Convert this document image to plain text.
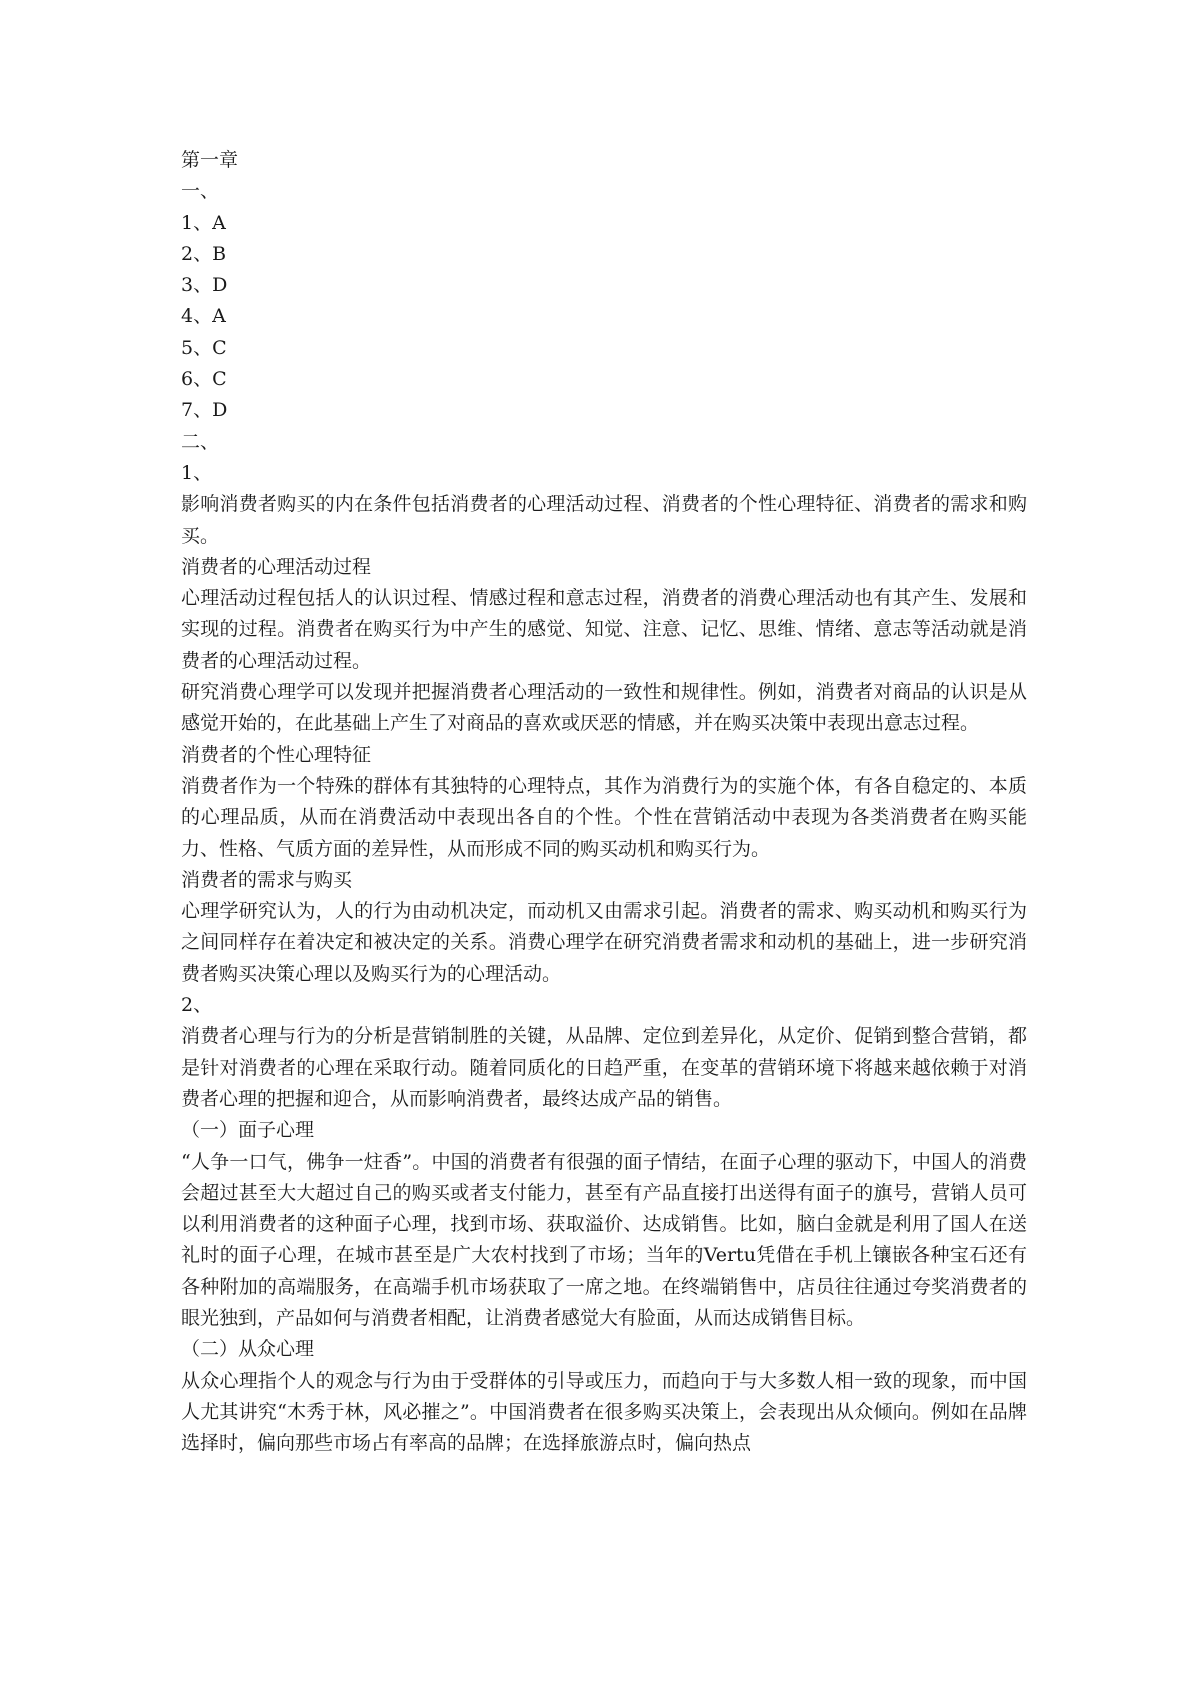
第一章
一、
1、A
2、B
3、D
4、A
5、C
6、C
7、D
二、
1、
影响消费者购买的内在条件包括消费者的心理活动过程、消费者的个性心理特征、消费者的需求和购买。
消费者的心理活动过程
心理活动过程包括人的认识过程、情感过程和意志过程，消费者的消费心理活动也有其产生、发展和实现的过程。消费者在购买行为中产生的感觉、知觉、注意、记忆、思维、情绪、意志等活动就是消费者的心理活动过程。
研究消费心理学可以发现并把握消费者心理活动的一致性和规律性。例如，消费者对商品的认识是从感觉开始的，在此基础上产生了对商品的喜欢或厌恶的情感，并在购买决策中表现出意志过程。
消费者的个性心理特征
消费者作为一个特殊的群体有其独特的心理特点，其作为消费行为的实施个体，有各自稳定的、本质的心理品质，从而在消费活动中表现出各自的个性。个性在营销活动中表现为各类消费者在购买能力、性格、气质方面的差异性，从而形成不同的购买动机和购买行为。
消费者的需求与购买
心理学研究认为，人的行为由动机决定，而动机又由需求引起。消费者的需求、购买动机和购买行为之间同样存在着决定和被决定的关系。消费心理学在研究消费者需求和动机的基础上，进一步研究消费者购买决策心理以及购买行为的心理活动。
2、
消费者心理与行为的分析是营销制胜的关键，从品牌、定位到差异化，从定价、促销到整合营销，都是针对消费者的心理在采取行动。随着同质化的日趋严重，在变革的营销环境下将越来越依赖于对消费者心理的把握和迎合，从而影响消费者，最终达成产品的销售。
（一）面子心理
“人争一口气，佛争一炷香”。中国的消费者有很强的面子情结，在面子心理的驱动下，中国人的消费会超过甚至大大超过自己的购买或者支付能力，甚至有产品直接打出送得有面子的旗号，营销人员可以利用消费者的这种面子心理，找到市场、获取溢价、达成销售。比如，脑白金就是利用了国人在送礼时的面子心理，在城市甚至是广大农村找到了市场；当年的Vertu凭借在手机上镶嵌各种宝石还有各种附加的高端服务，在高端手机市场获取了一席之地。在终端销售中，店员往往通过夸奖消费者的眼光独到，产品如何与消费者相配，让消费者感觉大有脸面，从而达成销售目标。
（二）从众心理
从众心理指个人的观念与行为由于受群体的引导或压力，而趋向于与大多数人相一致的现象，而中国人尤其讲究“木秀于林，风必摧之”。中国消费者在很多购买决策上，会表现出从众倾向。例如在品牌选择时，偏向那些市场占有率高的品牌；在选择旅游点时，偏向热点
